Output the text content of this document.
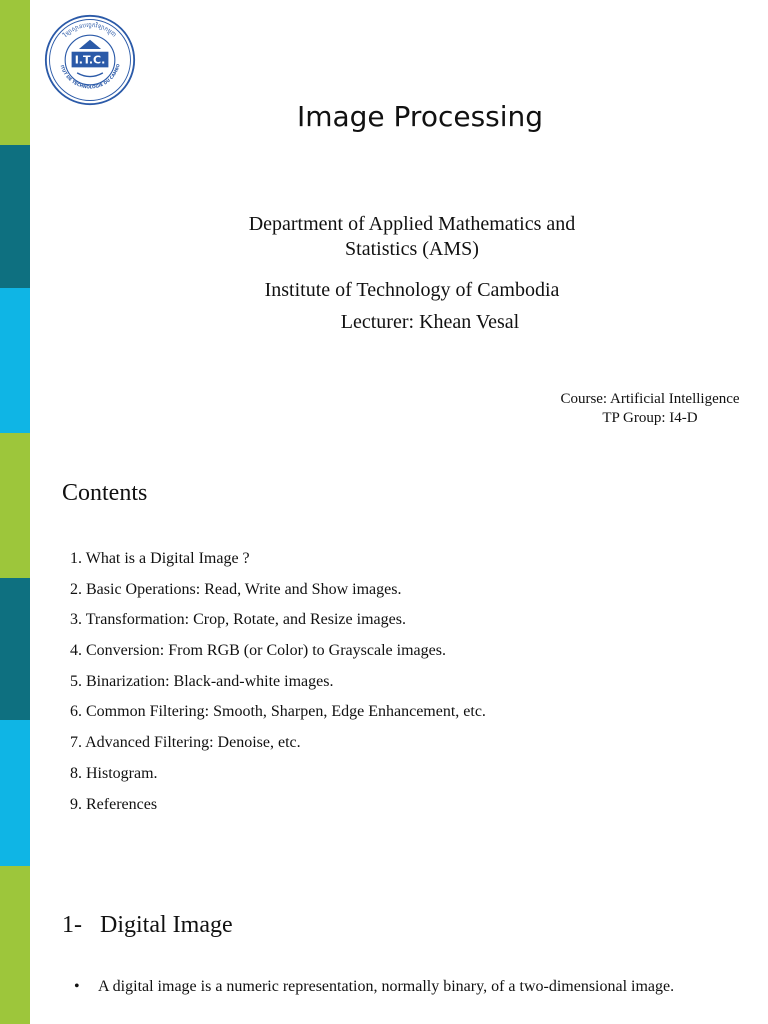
វិទ្យាស្ថានបច្ចេកវិទ្យាកម្ពុជា
ITUT DE TECHNOLOGIE DU CAMBO
I.T.C.
Image Processing
Department of Applied Mathematics and
Statistics (AMS)
Institute of Technology of Cambodia
Lecturer: Khean Vesal
Course: Artificial Intelligence
TP Group: I4-D
Contents
1. What is a Digital Image ?
2. Basic Operations: Read, Write and Show images.
3. Transformation: Crop, Rotate, and Resize images.
4. Conversion: From RGB (or Color) to Grayscale images.
5. Binarization: Black-and-white images.
6. Common Filtering: Smooth, Sharpen, Edge Enhancement, etc.
7. Advanced Filtering: Denoise, etc.
8. Histogram.
9. References
1- Digital Image
• A digital image is a numeric representation, normally binary, of a two-dimensional image.
